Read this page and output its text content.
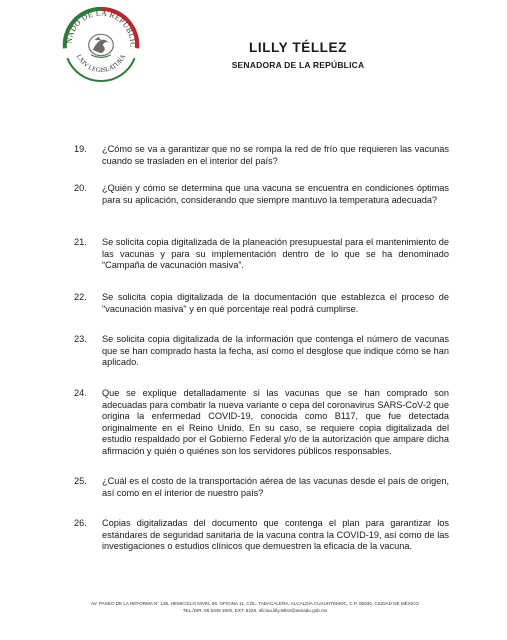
NADO DE LA REPÚBLIC
LXIV LEGISLATURA
LILLY TÉLLEZ
SENADORA DE LA REPÚBLICA
19.	¿Cómo se va a garantizar que no se rompa la red de frío que requieren las vacunas cuando se trasladen en el interior del país?
20.	¿Quién y cómo se determina que una vacuna se encuentra en condiciones óptimas para su aplicación, considerando que siempre mantuvo la temperatura adecuada?
21.	Se solicita copia digitalizada de la planeación presupuestal para el mantenimiento de las vacunas y para su implementación dentro de lo que se ha denominado “Campaña de vacunación masiva”.
22.	Se solicita copia digitalizada de la documentación que establezca el proceso de "vacunación masiva" y en qué porcentaje real podrá cumplirse.
23.	Se solicita copia digitalizada de la información que contenga el número de vacunas que se han comprado hasta la fecha, así como el desglose que indique cómo se han aplicado.
24.	Que se explique detalladamente si las vacunas que se han comprado son adecuadas para combatir la nueva variante o cepa del coronavirus SARS-CoV-2 que origina la enfermedad COVID-19, conocida como B117, que fue detectada originalmente en el Reino Unido. En su caso, se requiere copia digitalizada del estudio respaldado por el Gobierno Federal y/o de la autorización que ampare dicha afirmación y quién o quiénes son los servidores públicos responsables.
25.	¿Cuál es el costo de la transportación aérea de las vacunas desde el país de origen, así como en el interior de nuestro país?
26.	Copias digitalizadas del documento que contenga el plan para garantizar los estándares de seguridad sanitaria de la vacuna contra la COVID-19, así como de las investigaciones o estudios clínicos que demuestren la eficacia de la vacuna.
AV. PASEO DE LA REFORMA N° 135, HEMICICLO NIVEL 06, OFICINA 11, COL. TABACALERA, ALCALDÍA CUAUHTÉMOC, C.P. 06030, CIUDAD DE MÉXICO
TEL./DIR. 55 5345 3000, EXT. 5228, oficina.lilly.tellez@senado.gob.mx
